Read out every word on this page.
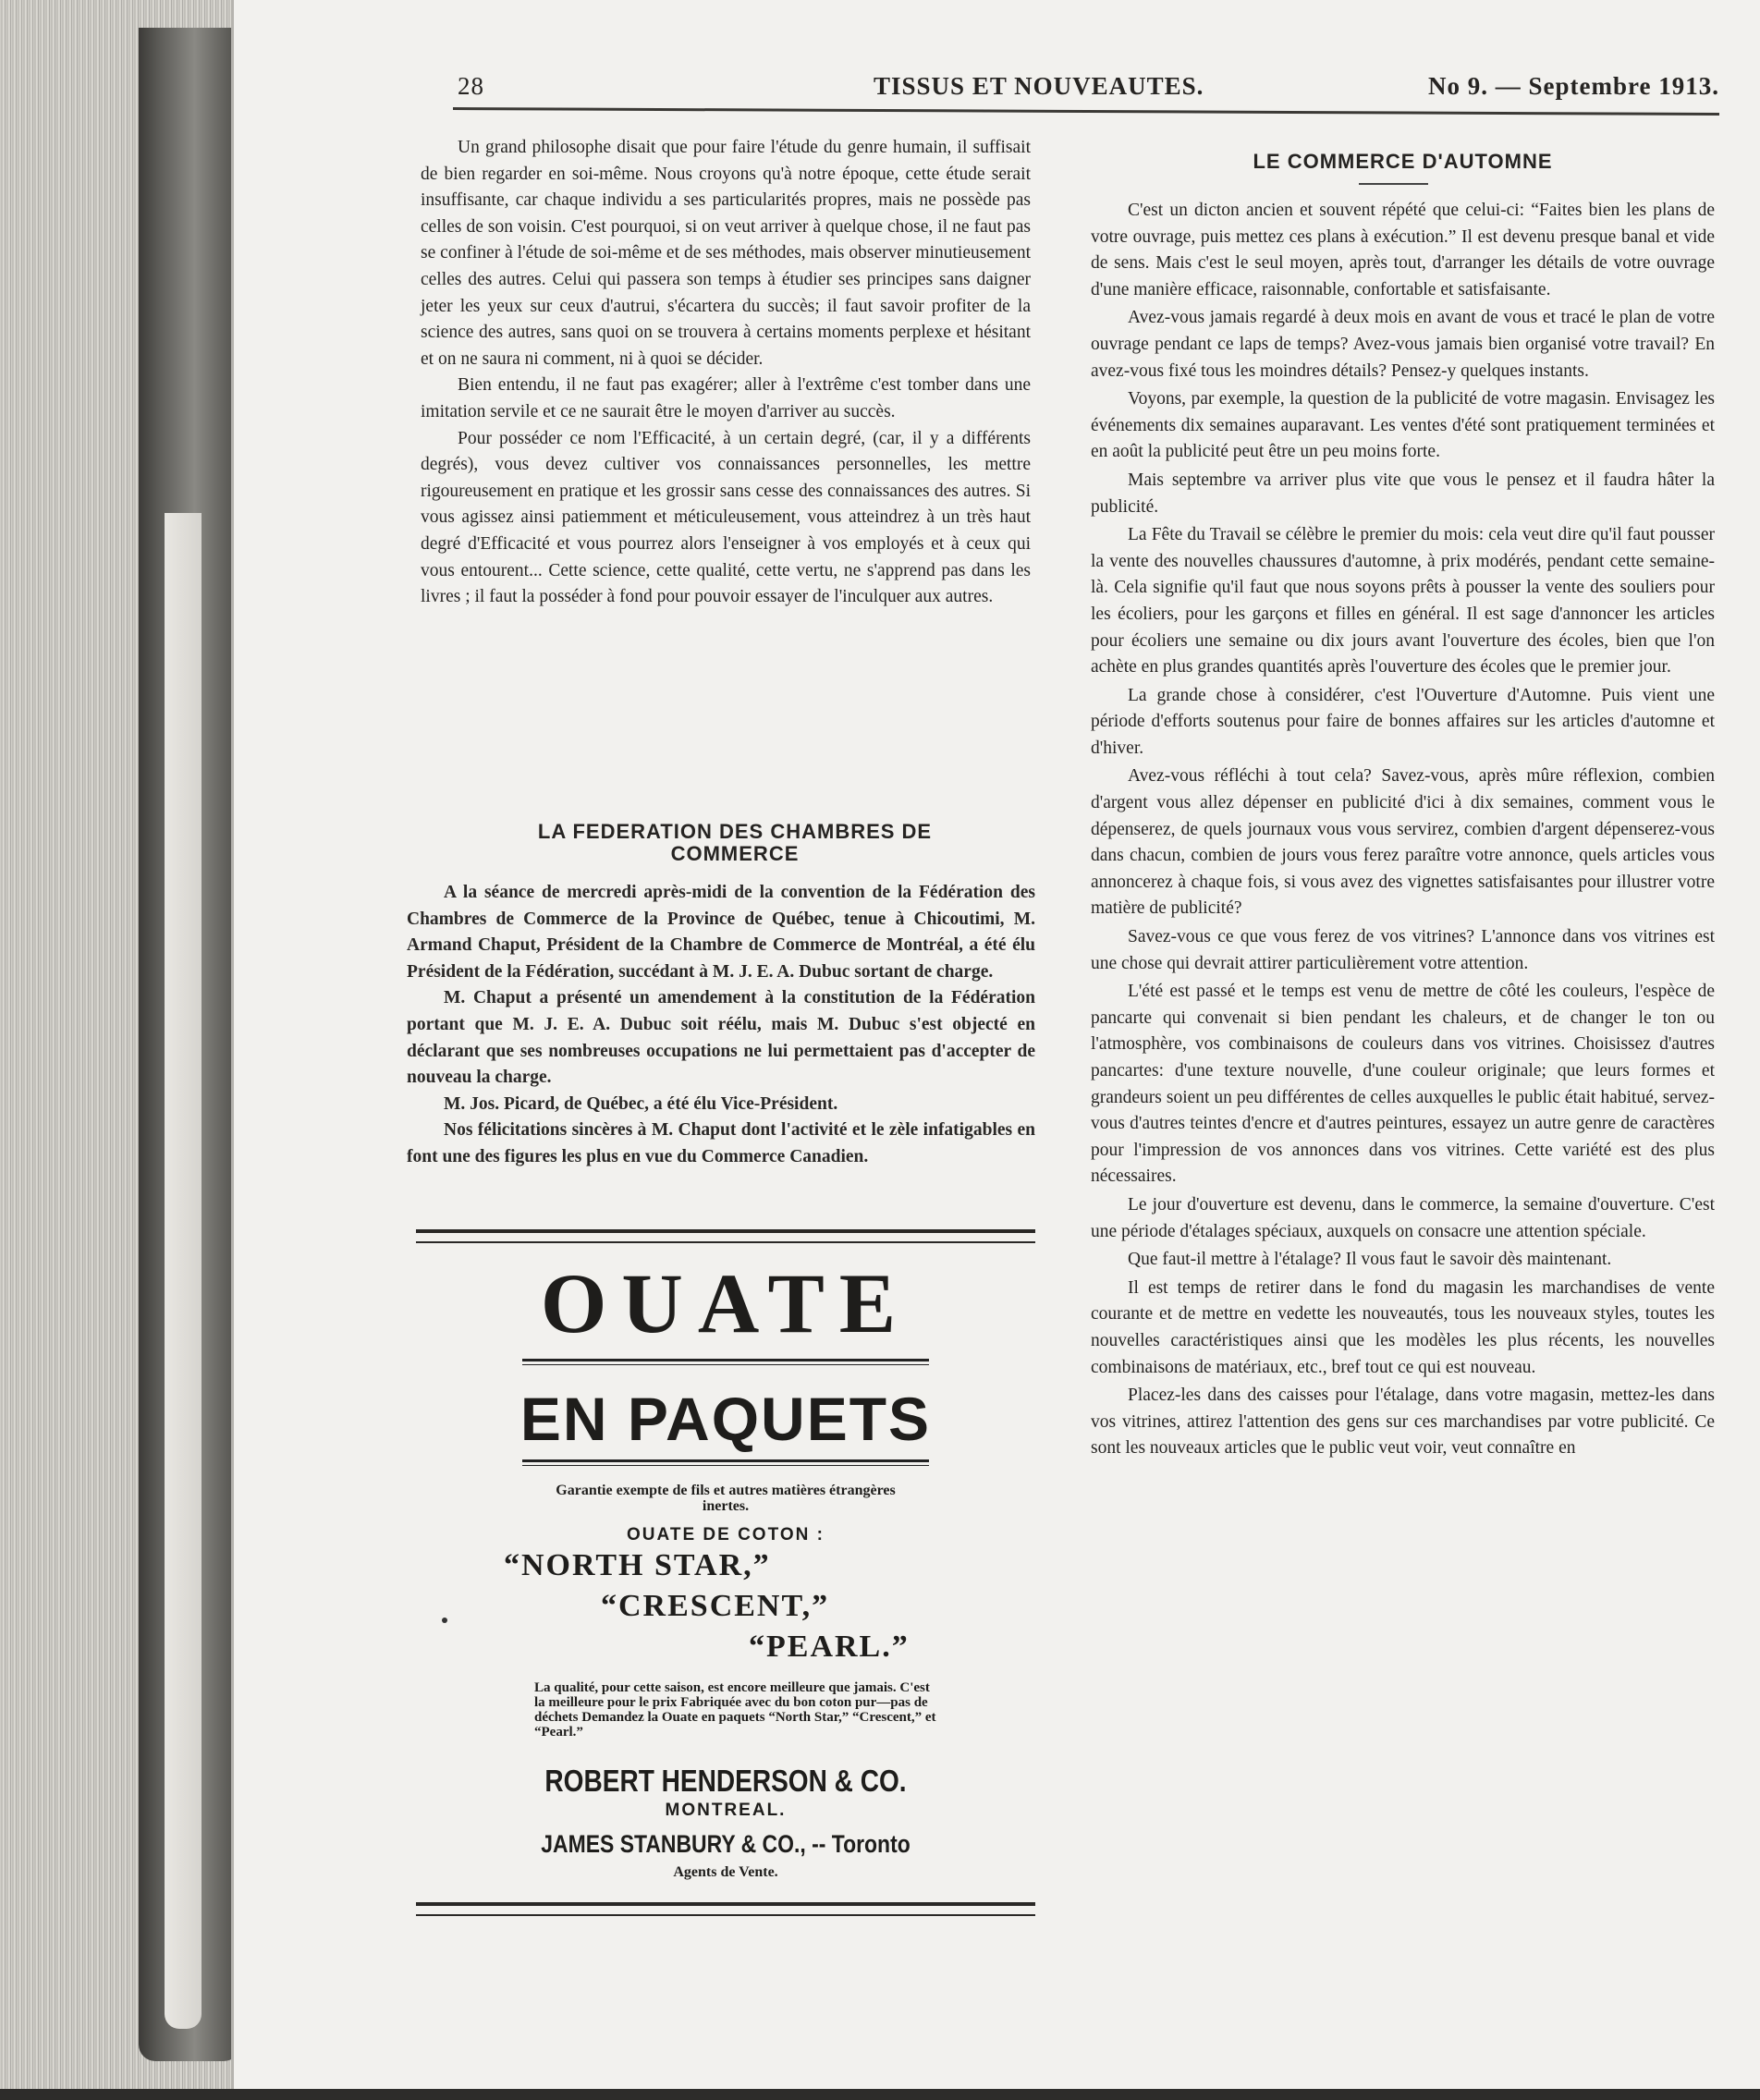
28	TISSUS ET NOUVEAUTES.	No 9. — Septembre 1913.

Un grand philosophe disait que pour faire l'étude du genre humain, il suffisait de bien regarder en soi-même. Nous croyons qu'à notre époque, cette étude serait insuffisante, car chaque individu a ses particularités propres, mais ne possède pas celles de son voisin. C'est pourquoi, si on veut arriver à quelque chose, il ne faut pas se confiner à l'étude de soi-même et de ses méthodes, mais observer minutieusement celles des autres. Celui qui passera son temps à étudier ses principes sans daigner jeter les yeux sur ceux d'autrui, s'écartera du succès; il faut savoir profiter de la science des autres, sans quoi on se trouvera à certains moments perplexe et hésitant et on ne saura ni comment, ni à quoi se décider.

Bien entendu, il ne faut pas exagérer; aller à l'extrême c'est tomber dans une imitation servile et ce ne saurait être le moyen d'arriver au succès.

Pour posséder ce nom l'Efficacité, à un certain degré, (car, il y a différents degrés), vous devez cultiver vos connaissances personnelles, les mettre rigoureusement en pratique et les grossir sans cesse des connaissances des autres. Si vous agissez ainsi patiemment et méticuleusement, vous atteindrez à un très haut degré d'Efficacité et vous pourrez alors l'enseigner à vos employés et à ceux qui vous entourent... Cette science, cette qualité, cette vertu, ne s'apprend pas dans les livres ; il faut la posséder à fond pour pouvoir essayer de l'inculquer aux autres.

LA FEDERATION DES CHAMBRES DE
COMMERCE

A la séance de mercredi après-midi de la convention de la Fédération des Chambres de Commerce de la Province de Québec, tenue à Chicoutimi, M. Armand Chaput, Président de la Chambre de Commerce de Montréal, a été élu Président de la Fédération, succédant à M. J. E. A. Dubuc sortant de charge.

M. Chaput a présenté un amendement à la constitution de la Fédération portant que M. J. E. A. Dubuc soit réélu, mais M. Dubuc s'est objecté en déclarant que ses nombreuses occupations ne lui permettaient pas d'accepter de nouveau la charge.

M. Jos. Picard, de Québec, a été élu Vice-Président.

Nos félicitations sincères à M. Chaput dont l'activité et le zèle infatigables en font une des figures les plus en vue du Commerce Canadien.

OUATE
EN PAQUETS
Garantie exempte de fils et autres matières étrangères inertes.
OUATE DE COTON :
“NORTH STAR,”
“CRESCENT,”
“PEARL.”
La qualité, pour cette saison, est encore meilleure que jamais. C'est la meilleure pour le prix Fabriquée avec du bon coton pur—pas de déchets Demandez la Ouate en paquets “North Star,” “Crescent,” et “Pearl.”
ROBERT HENDERSON & CO.
MONTREAL.
JAMES STANBURY & CO., -- Toronto
Agents de Vente.
LE COMMERCE D'AUTOMNE

C'est un dicton ancien et souvent répété que celui-ci: “Faites bien les plans de votre ouvrage, puis mettez ces plans à exécution.” Il est devenu presque banal et vide de sens. Mais c'est le seul moyen, après tout, d'arranger les détails de votre ouvrage d'une manière efficace, raisonnable, confortable et satisfaisante.

Avez-vous jamais regardé à deux mois en avant de vous et tracé le plan de votre ouvrage pendant ce laps de temps? Avez-vous jamais bien organisé votre travail? En avez-vous fixé tous les moindres détails? Pensez-y quelques instants.

Voyons, par exemple, la question de la publicité de votre magasin. Envisagez les événements dix semaines auparavant. Les ventes d'été sont pratiquement terminées et en août la publicité peut être un peu moins forte.

Mais septembre va arriver plus vite que vous le pensez et il faudra hâter la publicité.

La Fête du Travail se célèbre le premier du mois: cela veut dire qu'il faut pousser la vente des nouvelles chaussures d'automne, à prix modérés, pendant cette semaine-là. Cela signifie qu'il faut que nous soyons prêts à pousser la vente des souliers pour les écoliers, pour les garçons et filles en général. Il est sage d'annoncer les articles pour écoliers une semaine ou dix jours avant l'ouverture des écoles, bien que l'on achète en plus grandes quantités après l'ouverture des écoles que le premier jour.

La grande chose à considérer, c'est l'Ouverture d'Automne. Puis vient une période d'efforts soutenus pour faire de bonnes affaires sur les articles d'automne et d'hiver.

Avez-vous réfléchi à tout cela? Savez-vous, après mûre réflexion, combien d'argent vous allez dépenser en publicité d'ici à dix semaines, comment vous le dépenserez, de quels journaux vous vous servirez, combien d'argent dépenserez-vous dans chacun, combien de jours vous ferez paraître votre annonce, quels articles vous annoncerez à chaque fois, si vous avez des vignettes satisfaisantes pour illustrer votre matière de publicité?

Savez-vous ce que vous ferez de vos vitrines? L'annonce dans vos vitrines est une chose qui devrait attirer particulièrement votre attention.

L'été est passé et le temps est venu de mettre de côté les couleurs, l'espèce de pancarte qui convenait si bien pendant les chaleurs, et de changer le ton ou l'atmosphère, vos combinaisons de couleurs dans vos vitrines. Choisissez d'autres pancartes: d'une texture nouvelle, d'une couleur originale; que leurs formes et grandeurs soient un peu différentes de celles auxquelles le public était habitué, servez-vous d'autres teintes d'encre et d'autres peintures, essayez un autre genre de caractères pour l'impression de vos annonces dans vos vitrines. Cette variété est des plus nécessaires.

Le jour d'ouverture est devenu, dans le commerce, la semaine d'ouverture. C'est une période d'étalages spéciaux, auxquels on consacre une attention spéciale.

Que faut-il mettre à l'étalage? Il vous faut le savoir dès maintenant.

Il est temps de retirer dans le fond du magasin les marchandises de vente courante et de mettre en vedette les nouveautés, tous les nouveaux styles, toutes les nouvelles caractéristiques ainsi que les modèles les plus récents, les nouvelles combinaisons de matériaux, etc., bref tout ce qui est nouveau.

Placez-les dans des caisses pour l'étalage, dans votre magasin, mettez-les dans vos vitrines, attirez l'attention des gens sur ces marchandises par votre publicité. Ce sont les nouveaux articles que le public veut voir, veut connaître en
